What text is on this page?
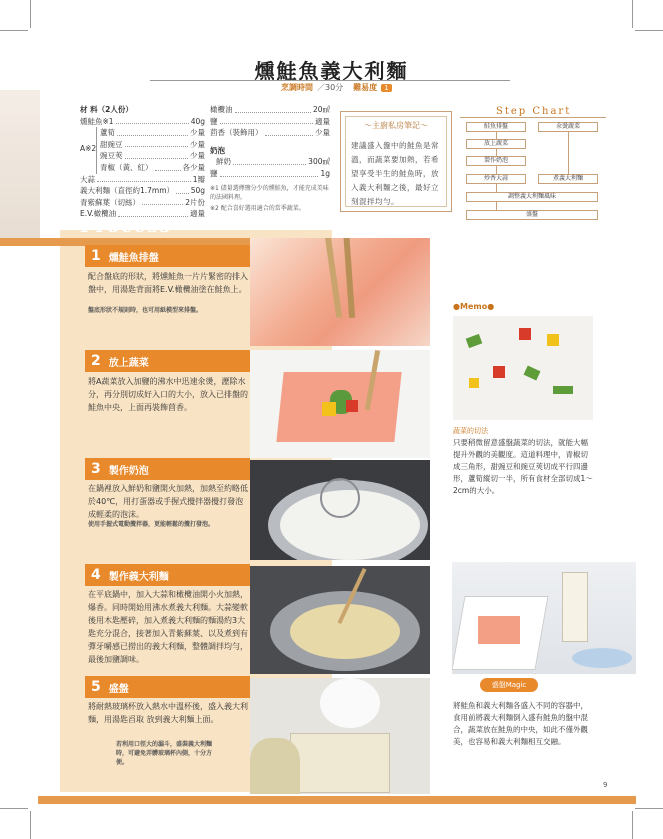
燻鮭魚義大利麵
烹調時間 ／30分 難易度	1
材 料（2人份）
燻鮭魚※1	40g
A※2
蘆筍	少量
甜豌豆	少量
豌豆莢	少量
青椒（黃、紅）	各少量
大蒜	1瓣
義大利麵（直徑約1.7mm） 50g
青紫蘇葉（切絲）	2片份
E.V.橄欖油	適量
橄欖油	20㎖
鹽	適量
茴香（裝飾用）	少量
奶泡
鮮奶	300㎖
鹽	1g
※1 儘量選擇鹽分少的燻鮭魚，才能充成美味的法國料理。
※2 配合喜好選用適合的當季蔬菜。
～主廚私房筆記～
建議盛入盤中的鮭魚是常溫，而蔬菜要加熱，若希望享受半生的鮭魚時，放入義大利麵之後，最好立刻混拌均勻。
Step Chart
鮭魚排盤	氽燙蔬菜
放上蔬菜
製作奶泡
炒香大蒜	煮義大利麵
調整義大利麵風味
盛盤
Process
1 燻鮭魚排盤
配合盤底的形狀，將燻鮭魚一片片緊密的排入盤中，用湯匙背面將E.V.橄欖油塗在鮭魚上。
盤底形狀不規則時，也可用紙模型來排盤。
2 放上蔬菜
將A蔬菜放入加鹽的沸水中迅速氽燙，瀝除水分，再分別切成好入口的大小，放入已排盤的鮭魚中央，上面再裝飾茴香。
3 製作奶泡
在鍋裡放入鮮奶和鹽開火加熱，加熱至約略低於40℃，用打蛋器或手握式攪拌器攪打發泡成輕柔的泡沫。
使用手握式電動攪拌器，更能輕鬆的攪打發泡。
4 製作義大利麵
在平底鍋中，加入大蒜和橄欖油開小火加熱，爆香。同時開始用沸水煮義大利麵。大蒜變軟後用木匙壓碎，加入煮義大利麵的麵湯約3大匙充分混合，接著加入青紫蘇葉、以及煮到有彈牙嚼感已撈出的義大利麵，整體調拌均勻，最後加鹽調味。
5 盛盤
將耐熱玻璃杯放入熱水中溫杯後，盛入義大利麵，用湯匙舀取 放到義大利麵上面。
若利用口徑大的漏斗，盛裝義大利麵時，可避免弄髒玻璃杯內側，十分方便。
●Memo●
蔬菜的切法
只要稍微留意盛盤蔬菜的切法，就能大幅提升外觀的美觀度。這道料理中，青椒切成三角形，甜豌豆和豌豆莢切成平行四邊形，蘆筍縱切一半，所有食材全部切成1～2cm的大小。
盛盤Magic
將鮭魚和義大利麵各盛入不同的容器中，食用前將義大利麵倒入盛有鮭魚的盤中混合，蔬菜放在鮭魚的中央，如此不僅外觀美，也容易和義大利麵相互交融。
9
